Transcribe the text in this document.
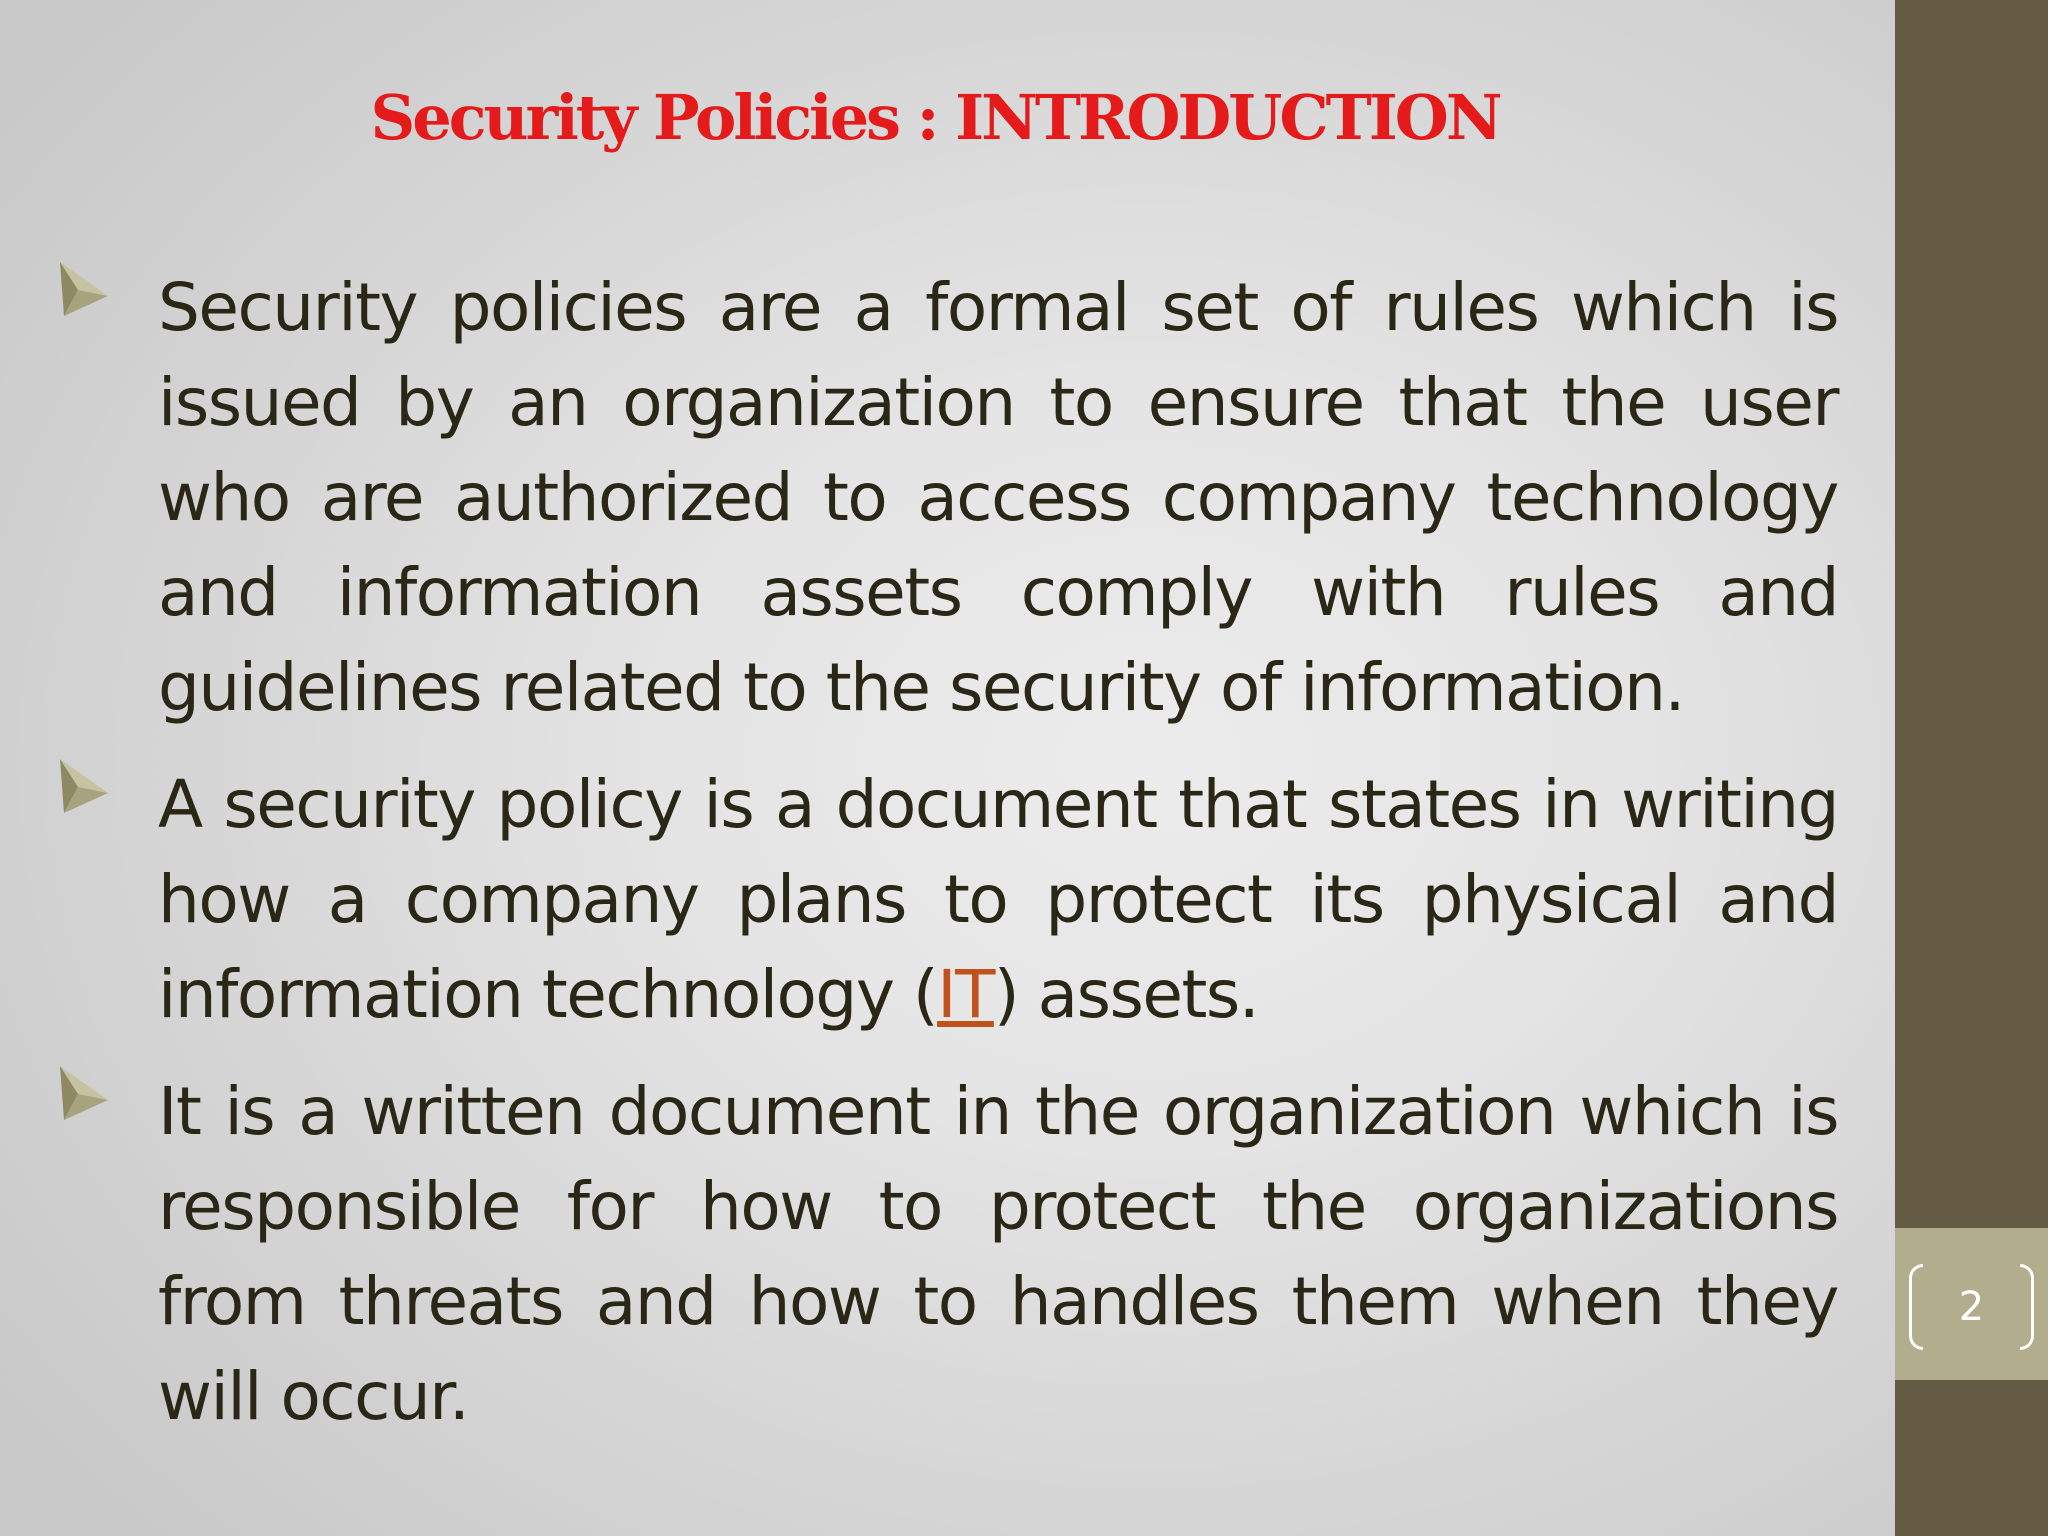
2
Security Policies : INTRODUCTION
Security policies are a formal set of rules which is issued by an organization to ensure that the user who are authorized to access company technology and information assets comply with rules and guidelines related to the security of information.
A security policy is a document that states in writing how a company plans to protect its physical and information technology (IT) assets.
It is a written document in the organization which is responsible for how to protect the organizations from threats and how to handles them when they will occur.
